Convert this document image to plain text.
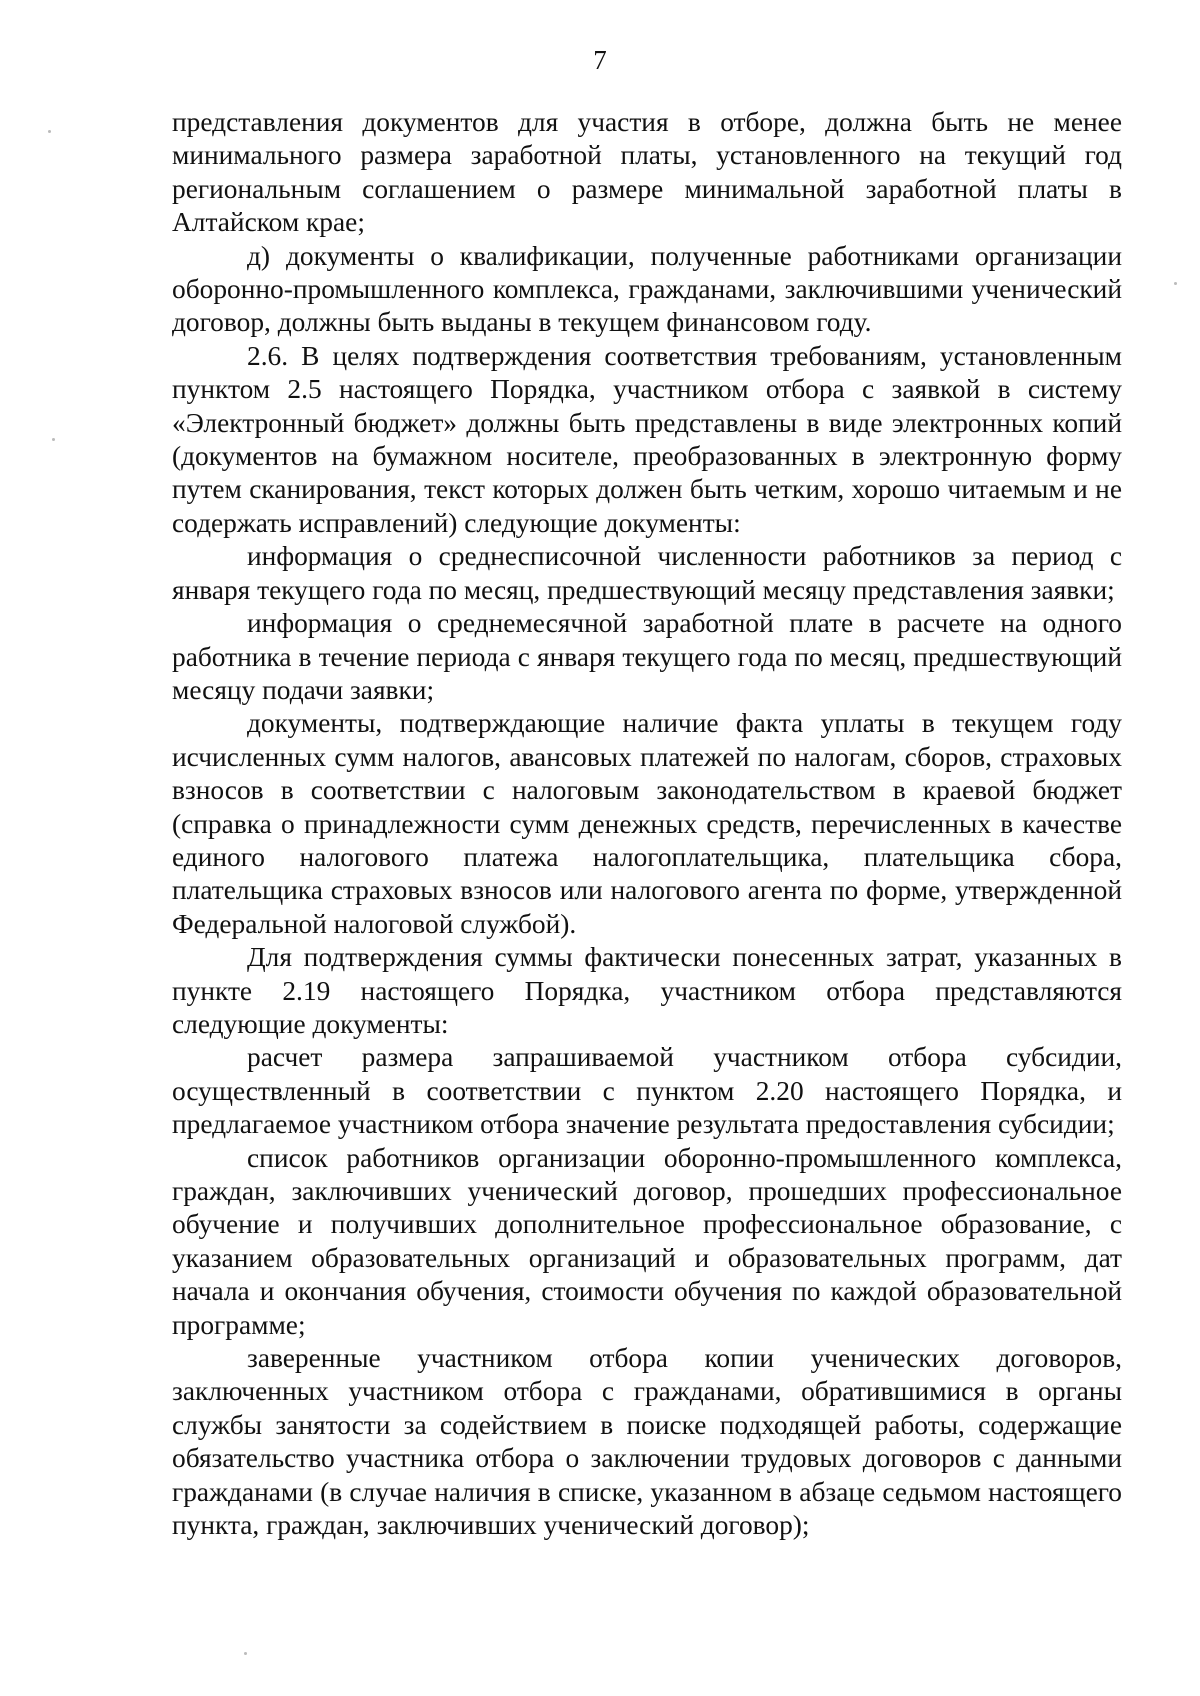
7

представления документов для участия в отборе, должна быть не менее минимального размера заработной платы, установленного на текущий год региональным соглашением о размере минимальной заработной платы в Алтайском крае;

д) документы о квалификации, полученные работниками организации оборонно-промышленного комплекса, гражданами, заключившими ученический договор, должны быть выданы в текущем финансовом году.

2.6. В целях подтверждения соответствия требованиям, установленным пунктом 2.5 настоящего Порядка, участником отбора с заявкой в систему «Электронный бюджет» должны быть представлены в виде электронных копий (документов на бумажном носителе, преобразованных в электронную форму путем сканирования, текст которых должен быть четким, хорошо читаемым и не содержать исправлений) следующие документы:

информация о среднесписочной численности работников за период с января текущего года по месяц, предшествующий месяцу представления заявки;

информация о среднемесячной заработной плате в расчете на одного работника в течение периода с января текущего года по месяц, предшествующий месяцу подачи заявки;

документы, подтверждающие наличие факта уплаты в текущем году исчисленных сумм налогов, авансовых платежей по налогам, сборов, страховых взносов в соответствии с налоговым законодательством в краевой бюджет (справка о принадлежности сумм денежных средств, перечисленных в качестве единого налогового платежа налогоплательщика, плательщика сбора, плательщика страховых взносов или налогового агента по форме, утвержденной Федеральной налоговой службой).

Для подтверждения суммы фактически понесенных затрат, указанных в пункте 2.19 настоящего Порядка, участником отбора представляются следующие документы:

расчет размера запрашиваемой участником отбора субсидии, осуществленный в соответствии с пунктом 2.20 настоящего Порядка, и предлагаемое участником отбора значение результата предоставления субсидии;

список работников организации оборонно-промышленного комплекса, граждан, заключивших ученический договор, прошедших профессиональное обучение и получивших дополнительное профессиональное образование, с указанием образовательных организаций и образовательных программ, дат начала и окончания обучения, стоимости обучения по каждой образовательной программе;

заверенные участником отбора копии ученических договоров, заключенных участником отбора с гражданами, обратившимися в органы службы занятости за содействием в поиске подходящей работы, содержащие обязательство участника отбора о заключении трудовых договоров с данными гражданами (в случае наличия в списке, указанном в абзаце седьмом настоящего пункта, граждан, заключивших ученический договор);
